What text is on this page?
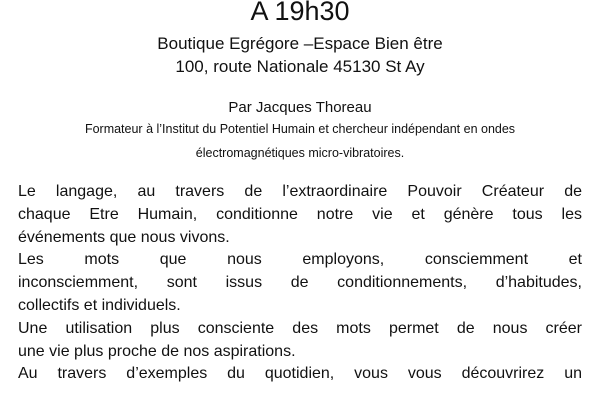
A 19h30
Boutique Egrégore –Espace Bien être
100, route Nationale 45130 St Ay
Par Jacques Thoreau
Formateur à l’Institut du Potentiel Humain et chercheur indépendant en ondes
électromagnétiques micro-vibratoires.
Le langage, au travers de l’extraordinaire Pouvoir Créateur de
chaque Etre Humain, conditionne notre vie et génère tous les
événements que nous vivons.
Les mots que nous employons, consciemment et
inconsciemment, sont issus de conditionnements, d’habitudes,
collectifs et individuels.
Une utilisation plus consciente des mots permet de nous créer
une vie plus proche de nos aspirations.
Au travers d’exemples du quotidien, vous vous découvrirez un
